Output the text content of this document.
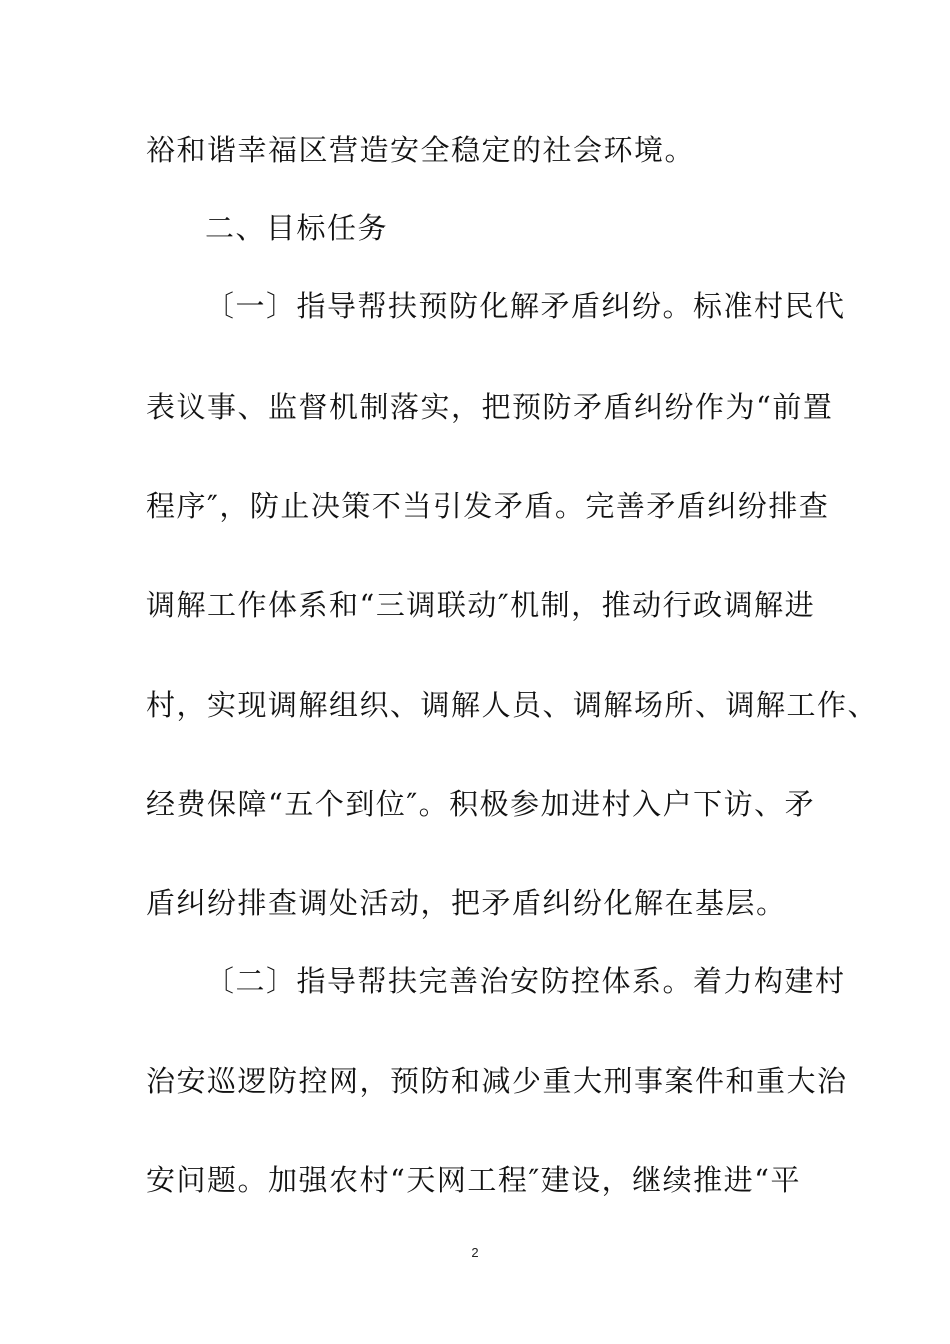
裕和谐幸福区营造安全稳定的社会环境。
二、目标任务
〔一〕指导帮扶预防化解矛盾纠纷。标准村民代
表议事、监督机制落实，把预防矛盾纠纷作为“前置
程序″，防止决策不当引发矛盾。完善矛盾纠纷排查
调解工作体系和“三调联动″机制，推动行政调解进
村，实现调解组织、调解人员、调解场所、调解工作、
经费保障“五个到位″。积极参加进村入户下访、矛
盾纠纷排查调处活动，把矛盾纠纷化解在基层。
〔二〕指导帮扶完善治安防控体系。着力构建村
治安巡逻防控网，预防和减少重大刑事案件和重大治
安问题。加强农村“天网工程″建设，继续推进“平
2
